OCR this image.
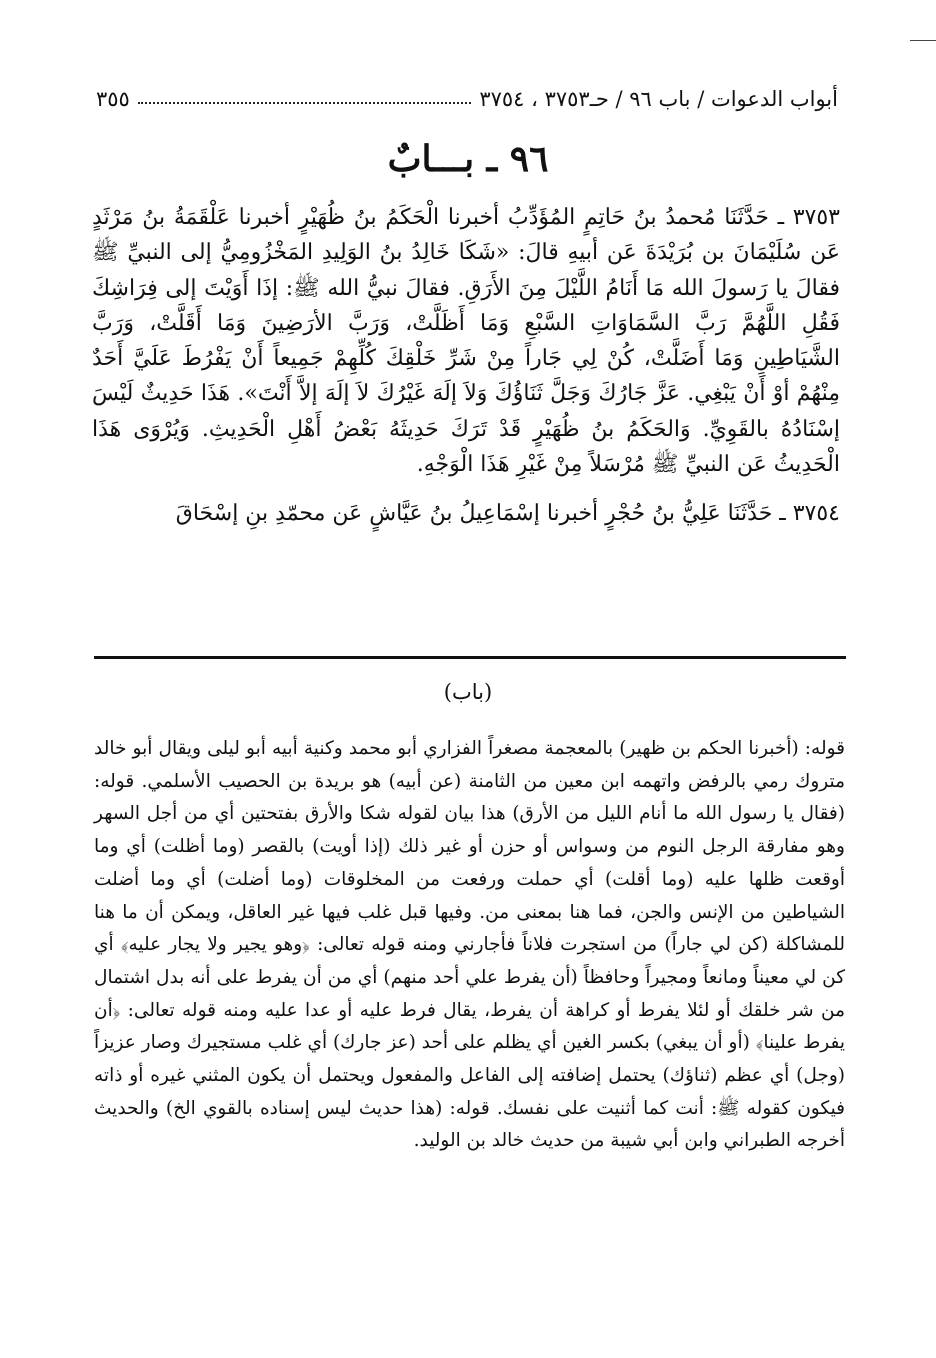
أبواب الدعوات / باب ٩٦ / حـ٣٧٥٣ ، ٣٧٥٤
٣٥٥
٩٦ ـ بـــابٌ

٣٧٥٣ ـ حَدَّثَنَا مُحمدُ بنُ حَاتِمٍ المُؤَدِّبُ أخبرنا الْحَكَمُ بنُ ظُهَيْرٍ أخبرنا عَلْقَمَةُ بنُ مَرْثَدٍ عَن سُلَيْمَانَ بن بُرَيْدَةَ عَن أبيهِ قالَ: «شَكَا خَالِدُ بنُ الوَلِيدِ المَخْزُومِيُّ إلى النبيِّ ﷺ فقالَ يا رَسولَ الله مَا أَنَامُ اللَّيْلَ مِنَ الأَرَقِ. فقالَ نبيُّ الله ﷺ: إذَا أَوَيْتَ إلى فِرَاشِكَ فَقُلِ اللَّهُمَّ رَبَّ السَّمَاوَاتِ السَّبْعِ وَمَا أَظَلَّتْ، وَرَبَّ الأرَضِينَ وَمَا أَقَلَّتْ، وَرَبَّ الشَّيَاطِينِ وَمَا أَضَلَّتْ، كُنْ لِي جَاراً مِنْ شَرِّ خَلْقِكَ كُلِّهِمْ جَمِيعاً أَنْ يَفْرُطَ عَلَيَّ أَحَدٌ مِنْهُمْ أوْ أَنْ يَبْغِي. عَزَّ جَارُكَ وَجَلَّ ثَنَاؤُكَ وَلاَ إلَهَ غَيْرُكَ لاَ إلَهَ إلاَّ أَنْتَ». هَذَا حَدِيثٌ لَيْسَ إسْنَادُهُ بالقَوِيِّ. وَالحَكَمُ بنُ ظُهَيْرٍ قَدْ تَرَكَ حَدِيثَهُ بَعْضُ أَهْلِ الْحَدِيثِ. وَيُرْوَى هَذَا الْحَدِيثُ عَن النبيِّ ﷺ مُرْسَلاً مِنْ غَيْرِ هَذَا الْوَجْهِ.

٣٧٥٤ ـ حَدَّثَنَا عَلِيُّ بنُ حُجْرٍ أخبرنا إسْمَاعِيلُ بنُ عَيَّاشٍ عَن محمّدِ بنِ إسْحَاقَ

(باب)

قوله: (أخبرنا الحكم بن ظهير) بالمعجمة مصغراً الفزاري أبو محمد وكنية أبيه أبو ليلى ويقال أبو خالد متروك رمي بالرفض واتهمه ابن معين من الثامنة (عن أبيه) هو بريدة بن الحصيب الأسلمي. قوله: (فقال يا رسول الله ما أنام الليل من الأرق) هذا بيان لقوله شكا والأرق بفتحتين أي من أجل السهر وهو مفارقة الرجل النوم من وسواس أو حزن أو غير ذلك (إذا أويت) بالقصر (وما أظلت) أي وما أوقعت ظلها عليه (وما أقلت) أي حملت ورفعت من المخلوقات (وما أضلت) أي وما أضلت الشياطين من الإنس والجن، فما هنا بمعنى من. وفيها قبل غلب فيها غير العاقل، ويمكن أن ما هنا للمشاكلة (كن لي جاراً) من استجرت فلاناً فأجارني ومنه قوله تعالى: ﴿وهو يجير ولا يجار عليه﴾ أي كن لي معيناً ومانعاً ومجيراً وحافظاً (أن يفرط علي أحد منهم) أي من أن يفرط على أنه بدل اشتمال من شر خلقك أو لئلا يفرط أو كراهة أن يفرط، يقال فرط عليه أو عدا عليه ومنه قوله تعالى: ﴿أن يفرط علينا﴾ (أو أن يبغي) بكسر الغين أي يظلم على أحد (عز جارك) أي غلب مستجيرك وصار عزيزاً (وجل) أي عظم (ثناؤك) يحتمل إضافته إلى الفاعل والمفعول ويحتمل أن يكون المثني غيره أو ذاته فيكون كقوله ﷺ: أنت كما أثنيت على نفسك. قوله: (هذا حديث ليس إسناده بالقوي الخ) والحديث أخرجه الطبراني وابن أبي شيبة من حديث خالد بن الوليد.
